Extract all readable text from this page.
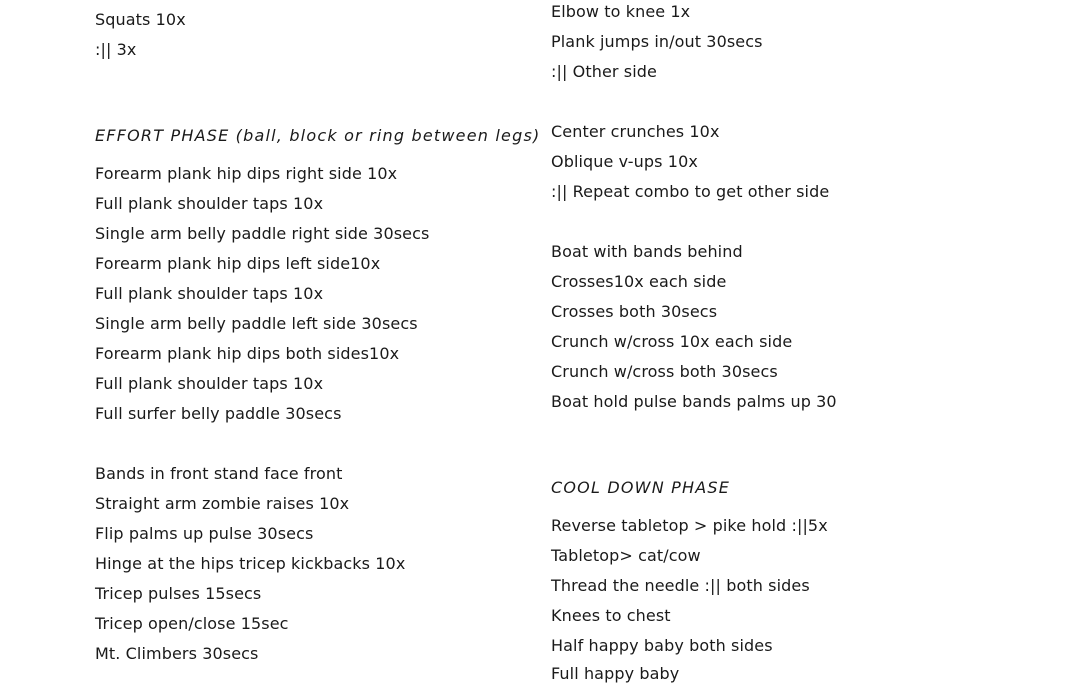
Squats 10x
:|| 3x
EFFORT PHASE (ball, block or ring between legs)
Forearm plank hip dips right side 10x
Full plank shoulder taps 10x
Single arm belly paddle right side 30secs
Forearm plank hip dips left side10x
Full plank shoulder taps 10x
Single arm belly paddle left side 30secs
Forearm plank hip dips both sides10x
Full plank shoulder taps 10x
Full surfer belly paddle 30secs
Bands in front stand face front
Straight arm zombie raises 10x
Flip palms up pulse 30secs
Hinge at the hips tricep kickbacks 10x
Tricep pulses 15secs
Tricep open/close 15sec
Mt. Climbers 30secs
Elbow to knee 1x
Plank jumps in/out 30secs
:|| Other side
Center crunches 10x
Oblique v-ups 10x
:|| Repeat combo to get other side
Boat with bands behind
Crosses10x each side
Crosses both 30secs
Crunch w/cross 10x each side
Crunch w/cross both 30secs
Boat hold pulse bands palms up 30
COOL DOWN PHASE
Reverse tabletop > pike hold :||5x
Tabletop> cat/cow
Thread the needle :|| both sides
Knees to chest
Half happy baby both sides
Full happy baby
